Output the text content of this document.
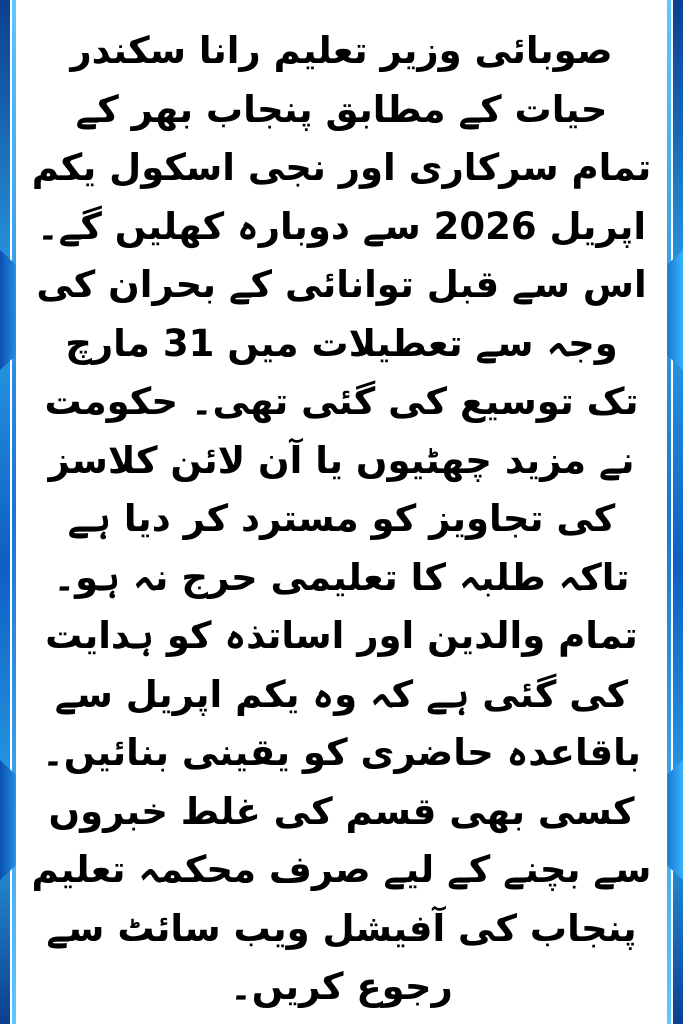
صوبائی وزیر تعلیم رانا سکندر
حیات کے مطابق پنجاب بھر کے
تمام سرکاری اور نجی اسکول یکم
اپریل 2026 سے دوبارہ کھلیں گے۔
اس سے قبل توانائی کے بحران کی
وجہ سے تعطیلات میں 31 مارچ
تک توسیع کی گئی تھی۔ حکومت
نے مزید چھٹیوں یا آن لائن کلاسز
کی تجاویز کو مسترد کر دیا ہے
تاکہ طلبہ کا تعلیمی حرج نہ ہو۔
تمام والدین اور اساتذہ کو ہدایت
کی گئی ہے کہ وہ یکم اپریل سے
باقاعدہ حاضری کو یقینی بنائیں۔
کسی بھی قسم کی غلط خبروں
سے بچنے کے لیے صرف محکمہ تعلیم
پنجاب کی آفیشل ویب سائٹ سے
رجوع کریں۔
